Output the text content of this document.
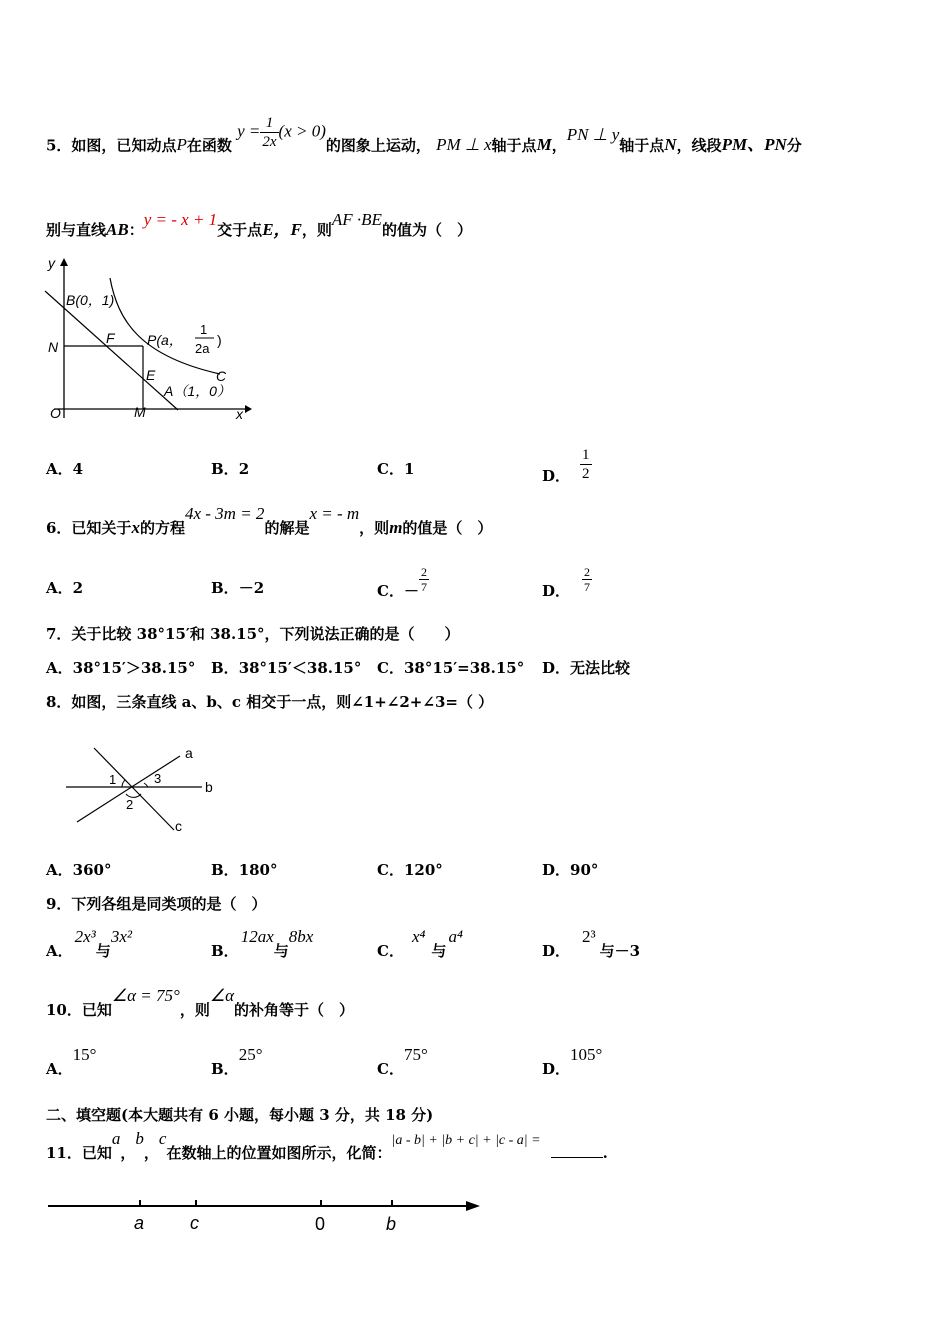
5．如图，已知动点P在函数 $y = \frac{1}{2x} (x > 0)$的图象上运动， PM ⊥ x轴于点M，PN ⊥ y轴于点N，线段PM、PN分
别与直线AB：y = - x + 1交于点E，F，则AF ·BE的值为（　）
y
x
O
B(0，1)
N
F P(a，
1
2a
)
E	C
A（1，0）
M
A．4	B．2	C．1	D． $\frac{1}{2}$
6．已知关于x的方程4x - 3m = 2的解是x = - m，则m的值是（　）
A．2	B．－2	C．－ $\frac{2}{7}$	D． $\frac{2}{7}$
7．关于比较 38°15′和 38.15°，下列说法正确的是（　　）
A．38°15′＞38.15° B．38°15′＜38.15° C．38°15′=38.15° D．无法比较
8．如图，三条直线 a、b、c 相交于一点，则∠1+∠2+∠3=（ ）
a
b
c
1
2
3
A．360°	B．180°	C．120°	D．90°
9．下列各组是同类项的是（　）
A．2x³与3x²
B．12ax与8bx
C．x⁴与a⁴
D．2³与－3
10．已知∠α = 75°，则∠α的补角等于（　）
A．15°
B．25°
C．75°
D．105°
二、填空题(本大题共有 6 小题，每小题 3 分，共 18 分)
11．已知a，b，c在数轴上的位置如图所示，化简：|a - b| + |b + c| + |c - a| =.
a	c	0	b
